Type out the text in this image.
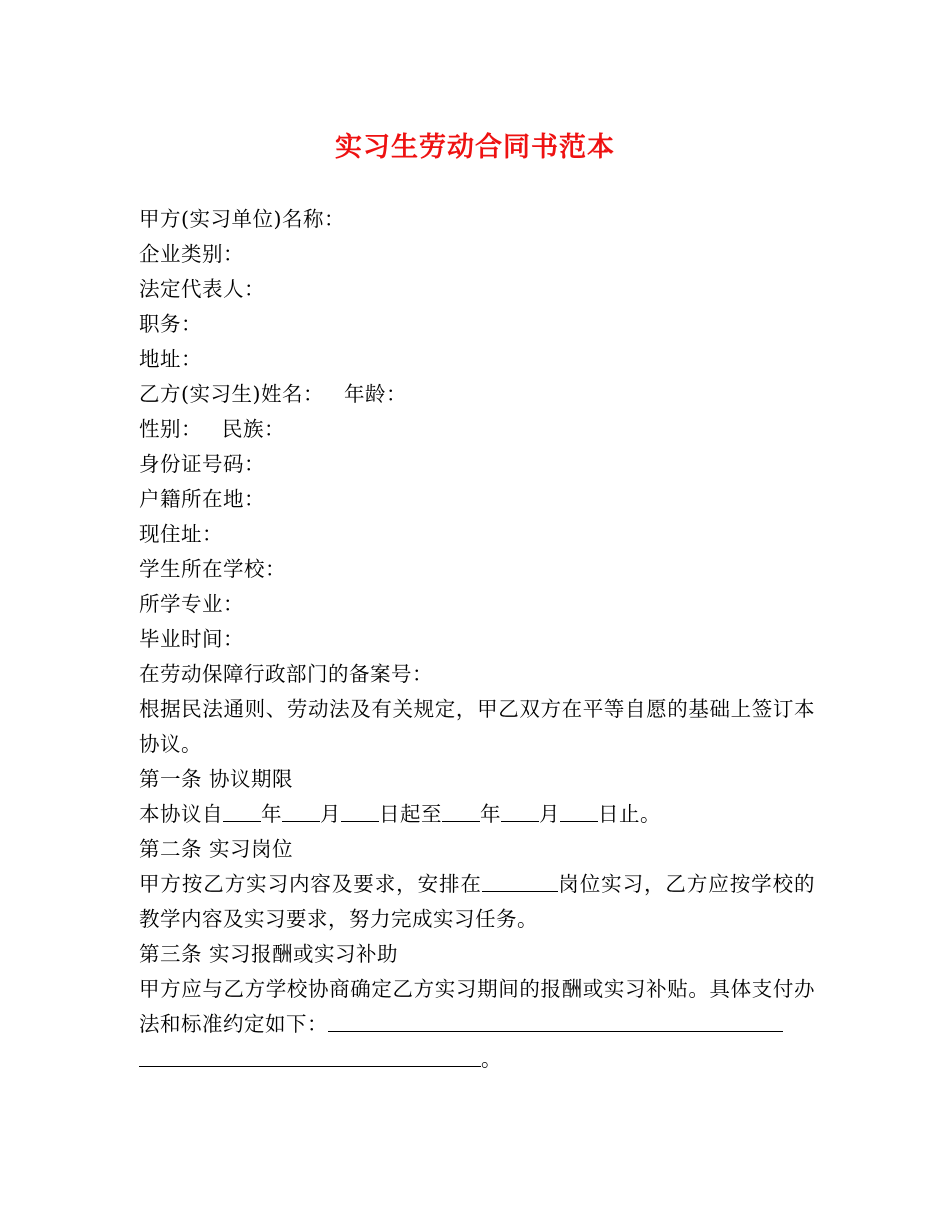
实习生劳动合同书范本
甲方(实习单位)名称：
企业类别：
法定代表人：
职务：
地址：
乙方(实习生)姓名： 年龄：
性别： 民族：
身份证号码：
户籍所在地：
现住址：
学生所在学校：
所学专业：
毕业时间：
在劳动保障行政部门的备案号：
根据民法通则、劳动法及有关规定，甲乙双方在平等自愿的基础上签订本协议。
第一条 协议期限
本协议自 年 月 日起至 年 月 日止。
第二条 实习岗位
甲方按乙方实习内容及要求，安排在	岗位实习，乙方应按学校的教学内容及实习要求，努力完成实习任务。
第三条 实习报酬或实习补助
甲方应与乙方学校协商确定乙方实习期间的报酬或实习补贴。具体支付办法和标准约定如下：
。
